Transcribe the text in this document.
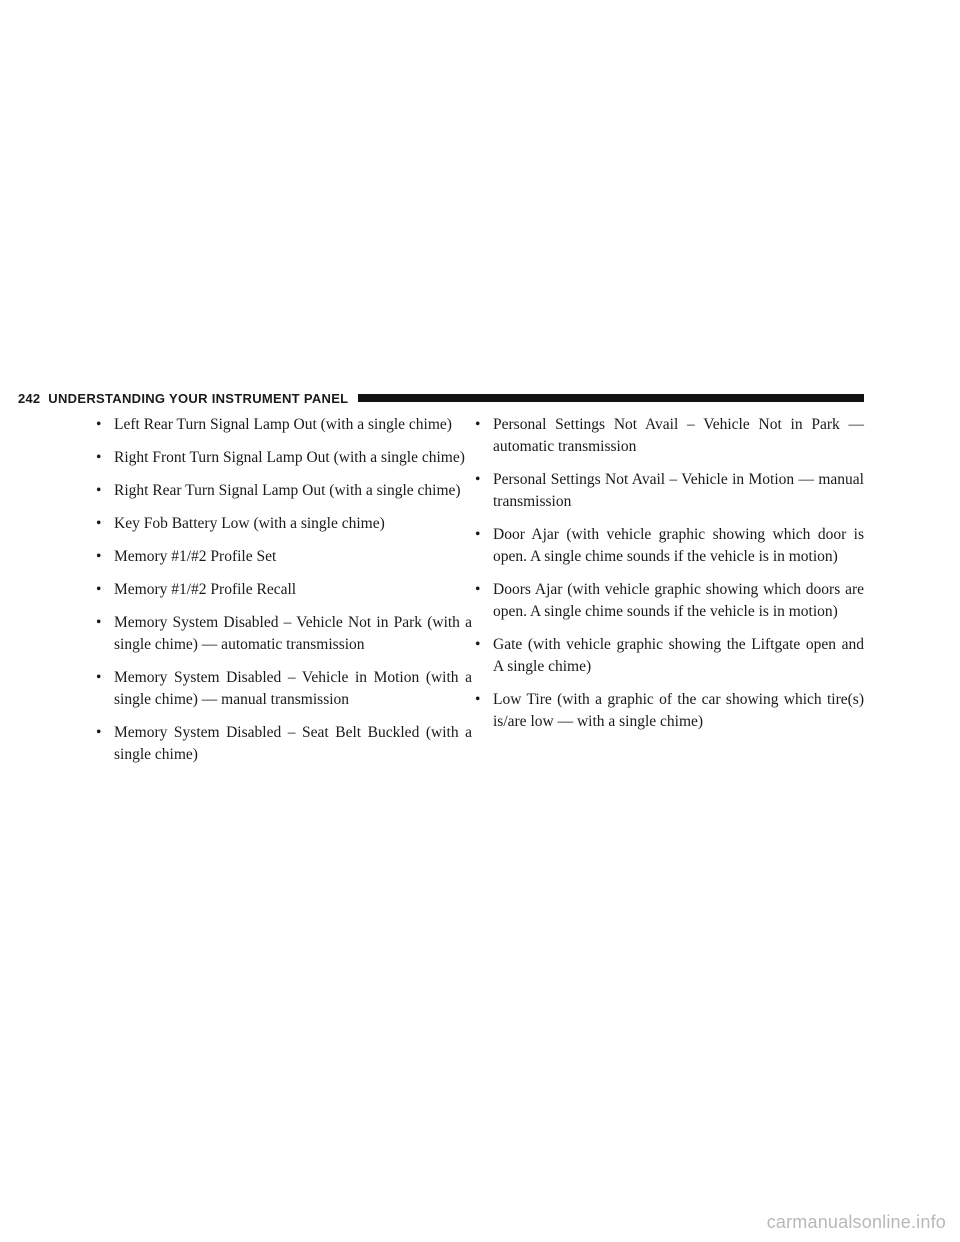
242 UNDERSTANDING YOUR INSTRUMENT PANEL
• Left Rear Turn Signal Lamp Out (with a single chime)
• Right Front Turn Signal Lamp Out (with a single chime)
• Right Rear Turn Signal Lamp Out (with a single chime)
• Key Fob Battery Low (with a single chime)
• Memory #1/#2 Profile Set
• Memory #1/#2 Profile Recall
• Memory System Disabled – Vehicle Not in Park (with a single chime) — automatic transmission
• Memory System Disabled – Vehicle in Motion (with a single chime) — manual transmission
• Memory System Disabled – Seat Belt Buckled (with a single chime)
• Personal Settings Not Avail – Vehicle Not in Park — automatic transmission
• Personal Settings Not Avail – Vehicle in Motion — manual transmission
• Door Ajar (with vehicle graphic showing which door is open. A single chime sounds if the vehicle is in motion)
• Doors Ajar (with vehicle graphic showing which doors are open. A single chime sounds if the vehicle is in motion)
• Gate (with vehicle graphic showing the Liftgate open and A single chime)
• Low Tire (with a graphic of the car showing which tire(s) is/are low — with a single chime)
carmanualsonline.info
